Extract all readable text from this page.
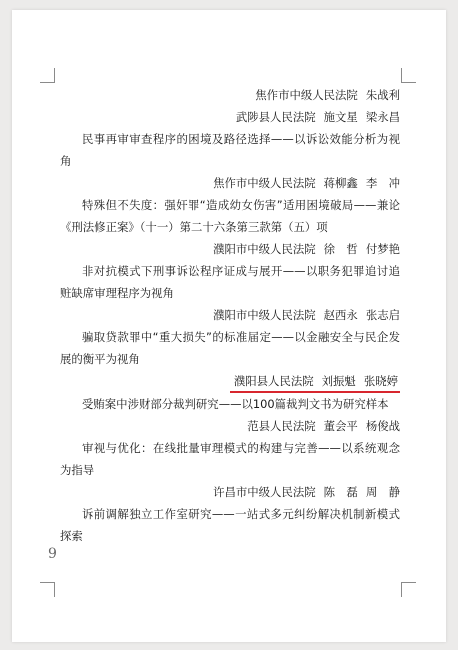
焦作市中级人民法院 朱战利
武陟县人民法院 施文星 梁永昌
民事再审审查程序的困境及路径选择——以诉讼效能分析为视角
焦作市中级人民法院 蒋柳鑫 李　冲
特殊但不失度：强奸罪“造成幼女伤害”适用困境破局——兼论《刑法修正案》（十一）第二十六条第三款第（五）项
濮阳市中级人民法院 徐　哲 付梦艳
非对抗模式下刑事诉讼程序证成与展开——以职务犯罪追讨追赃缺席审理程序为视角
濮阳市中级人民法院 赵西永 张志启
骗取贷款罪中“重大损失”的标准届定——以金融安全与民企发展的衡平为视角
濮阳县人民法院 刘振魁 张晓婷
受贿案中涉财部分裁判研究——以100篇裁判文书为研究样本
范县人民法院 董会平 杨俊战
审视与优化：在线批量审理模式的构建与完善——以系统观念为指导
许昌市中级人民法院 陈　磊 周　静
诉前调解独立工作室研究——一站式多元纠纷解决机制新模式探索
9
